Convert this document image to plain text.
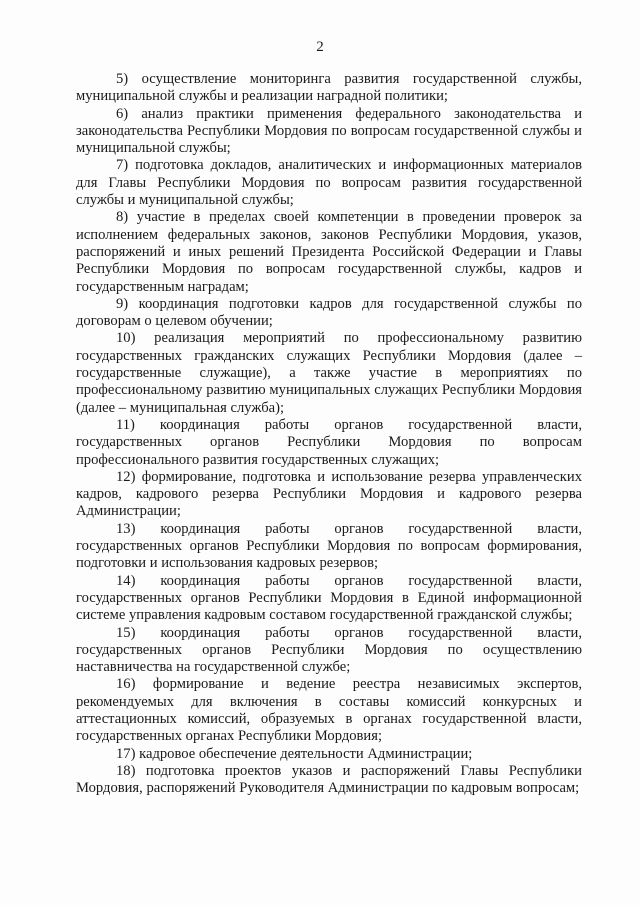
2

5) осуществление мониторинга развития государственной службы, муниципальной службы и реализации наградной политики;

6) анализ практики применения федерального законодательства и законодательства Республики Мордовия по вопросам государственной службы и муниципальной службы;

7) подготовка докладов, аналитических и информационных материалов для Главы Республики Мордовия по вопросам развития государственной службы и муниципальной службы;

8) участие в пределах своей компетенции в проведении проверок за исполнением федеральных законов, законов Республики Мордовия, указов, распоряжений и иных решений Президента Российской Федерации и Главы Республики Мордовия по вопросам государственной службы, кадров и государственным наградам;

9) координация подготовки кадров для государственной службы по договорам о целевом обучении;

10) реализация мероприятий по профессиональному развитию государственных гражданских служащих Республики Мордовия (далее – государственные служащие), а также участие в мероприятиях по профессиональному развитию муниципальных служащих Республики Мордовия (далее – муниципальная служба);

11) координация работы органов государственной власти, государственных органов Республики Мордовия по вопросам профессионального развития государственных служащих;

12) формирование, подготовка и использование резерва управленческих кадров, кадрового резерва Республики Мордовия и кадрового резерва Администрации;

13) координация работы органов государственной власти, государственных органов Республики Мордовия по вопросам формирования, подготовки и использования кадровых резервов;

14) координация работы органов государственной власти, государственных органов Республики Мордовия в Единой информационной системе управления кадровым составом государственной гражданской службы;

15) координация работы органов государственной власти, государственных органов Республики Мордовия по осуществлению наставничества на государственной службе;

16) формирование и ведение реестра независимых экспертов, рекомендуемых для включения в составы комиссий конкурсных и аттестационных комиссий, образуемых в органах государственной власти, государственных органах Республики Мордовия;

17) кадровое обеспечение деятельности Администрации;

18) подготовка проектов указов и распоряжений Главы Республики Мордовия, распоряжений Руководителя Администрации по кадровым вопросам;
